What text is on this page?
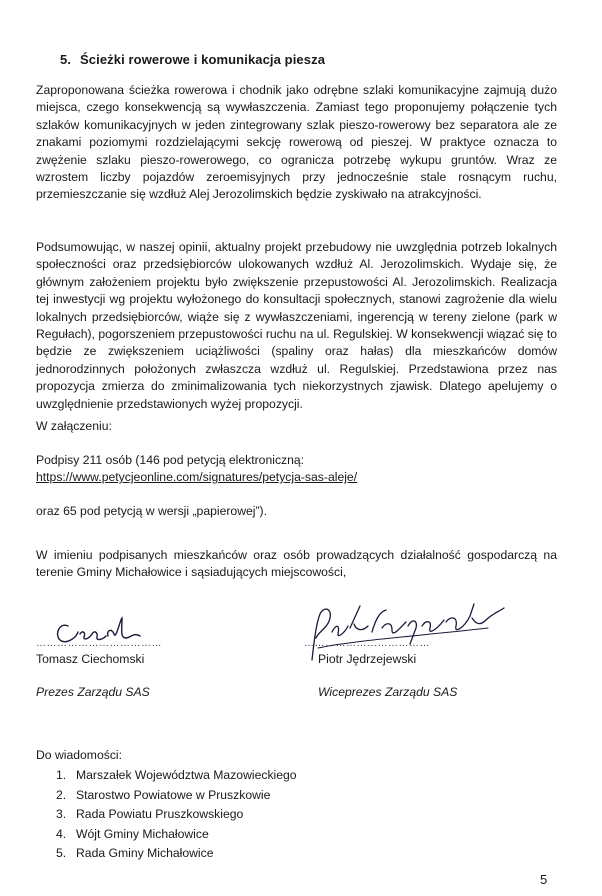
5. Ścieżki rowerowe i komunikacja piesza

Zaproponowana ścieżka rowerowa i chodnik jako odrębne szlaki komunikacyjne zajmują dużo miejsca, czego konsekwencją są wywłaszczenia. Zamiast tego proponujemy połączenie tych szlaków komunikacyjnych w jeden zintegrowany szlak pieszo-rowerowy bez separatora ale ze znakami poziomymi rozdzielającymi sekcję rowerową od pieszej. W praktyce oznacza to zwężenie szlaku pieszo-rowerowego, co ogranicza potrzebę wykupu gruntów. Wraz ze wzrostem liczby pojazdów zeroemisyjnych przy jednocześnie stale rosnącym ruchu, przemieszczanie się wzdłuż Alej Jerozolimskich będzie zyskiwało na atrakcyjności.

Podsumowując, w naszej opinii, aktualny projekt przebudowy nie uwzględnia potrzeb lokalnych społeczności oraz przedsiębiorców ulokowanych wzdłuż Al. Jerozolimskich. Wydaje się, że głównym założeniem projektu było zwiększenie przepustowości Al. Jerozolimskich. Realizacja tej inwestycji wg projektu wyłożonego do konsultacji społecznych, stanowi zagrożenie dla wielu lokalnych przedsiębiorców, wiąże się z wywłaszczeniami, ingerencją w tereny zielone (park w Regułach), pogorszeniem przepustowości ruchu na ul. Regulskiej. W konsekwencji wiązać się to będzie ze zwiększeniem uciążliwości (spaliny oraz hałas) dla mieszkańców domów jednorodzinnych położonych zwłaszcza wzdłuż ul. Regulskiej. Przedstawiona przez nas propozycja zmierza do zminimalizowania tych niekorzystnych zjawisk. Dlatego apelujemy o uwzględnienie przedstawionych wyżej propozycji.

W załączeniu:
Podpisy 211 osób (146 pod petycją elektroniczną:
https://www.petycjeonline.com/signatures/petycja-sas-aleje/
oraz 65 pod petycją w wersji „papierowej”).

W imieniu podpisanych mieszkańców oraz osób prowadzących działalność gospodarczą na terenie Gminy Michałowice i sąsiadujących miejscowości,

………………………………
Tomasz Ciechomski
Prezes Zarządu SAS
………………………………
Piotr Jędrzejewski
Wiceprezes Zarządu SAS
Do wiadomości:
1. Marszałek Województwa Mazowieckiego
2. Starostwo Powiatowe w Pruszkowie
3. Rada Powiatu Pruszkowskiego
4. Wójt Gminy Michałowice
5. Rada Gminy Michałowice
5
